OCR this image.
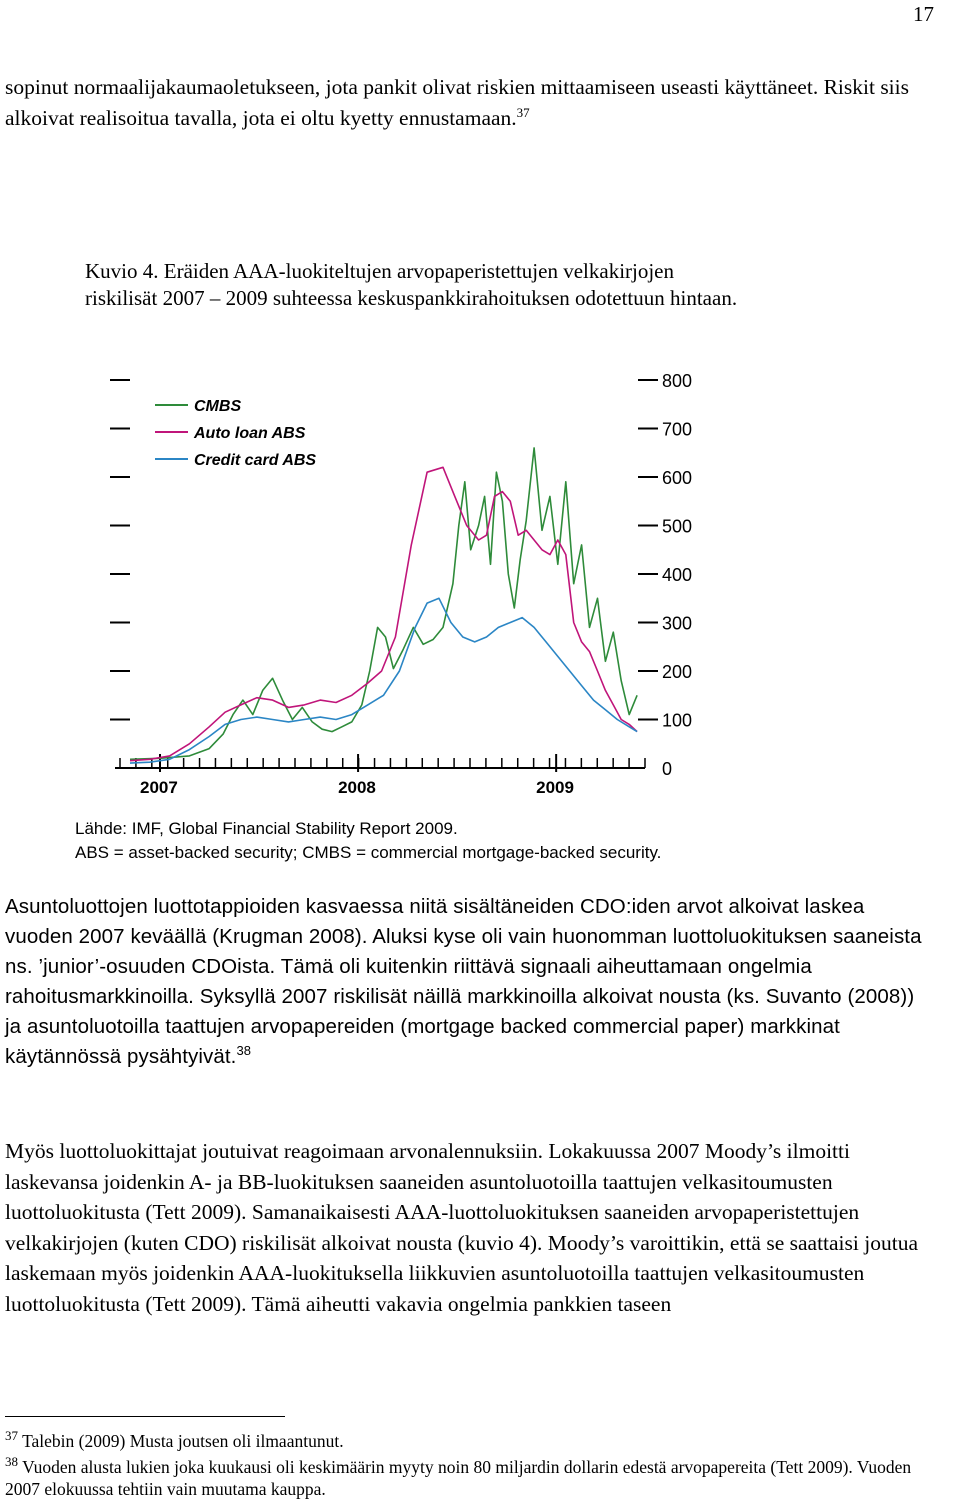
17

sopinut normaalijakaumaoletukseen, jota pankit olivat riskien mittaamiseen useasti käyttäneet. Riskit siis alkoivat realisoitua tavalla, jota ei oltu kyetty ennustamaan.$^{37}$

Kuvio 4. Eräiden AAA-luokiteltujen arvopaperistettujen velkakirjojen
riskilisät 2007 – 2009 suhteessa keskuspankkirahoituksen odotettuun hintaan.
0
100
200
300
400
500
600
700
800
2007	2008	2009
CMBS
Auto loan ABS
Credit card ABS
Lähde: IMF, Global Financial Stability Report 2009.
ABS = asset-backed security; CMBS = commercial mortgage-backed security.

Asuntoluottojen luottotappioiden kasvaessa niitä sisältäneiden CDO:iden arvot alkoivat laskea vuoden 2007 keväällä (Krugman 2008). Aluksi kyse oli vain huonomman luottoluokituksen saaneista ns. ’junior’-osuuden CDOista. Tämä oli kuitenkin riittävä signaali aiheuttamaan ongelmia rahoitusmarkkinoilla. Syksyllä 2007 riskilisät näillä markkinoilla alkoivat nousta (ks. Suvanto (2008)) ja asuntoluotoilla taattujen arvopapereiden (mortgage backed commercial paper) markkinat käytännössä pysähtyivät.$^{38}$

Myös luottoluokittajat joutuivat reagoimaan arvonalennuksiin. Lokakuussa 2007 Moody’s ilmoitti laskevansa joidenkin A- ja BB-luokituksen saaneiden asuntoluotoilla taattujen velkasitoumusten luottoluokitusta (Tett 2009). Samanaikaisesti AAA-luottoluokituksen saaneiden arvopaperistettujen velkakirjojen (kuten CDO) riskilisät alkoivat nousta (kuvio 4). Moody’s varoittikin, että se saattaisi joutua laskemaan myös joidenkin AAA-luokituksella liikkuvien asuntoluotoilla taattujen velkasitoumusten luottoluokitusta (Tett 2009). Tämä aiheutti vakavia ongelmia pankkien taseen

$^{37}$ Talebin (2009) Musta joutsen oli ilmaantunut.

$^{38}$ Vuoden alusta lukien joka kuukausi oli keskimäärin myyty noin 80 miljardin dollarin edestä arvopapereita (Tett 2009). Vuoden 2007 elokuussa tehtiin vain muutama kauppa.
